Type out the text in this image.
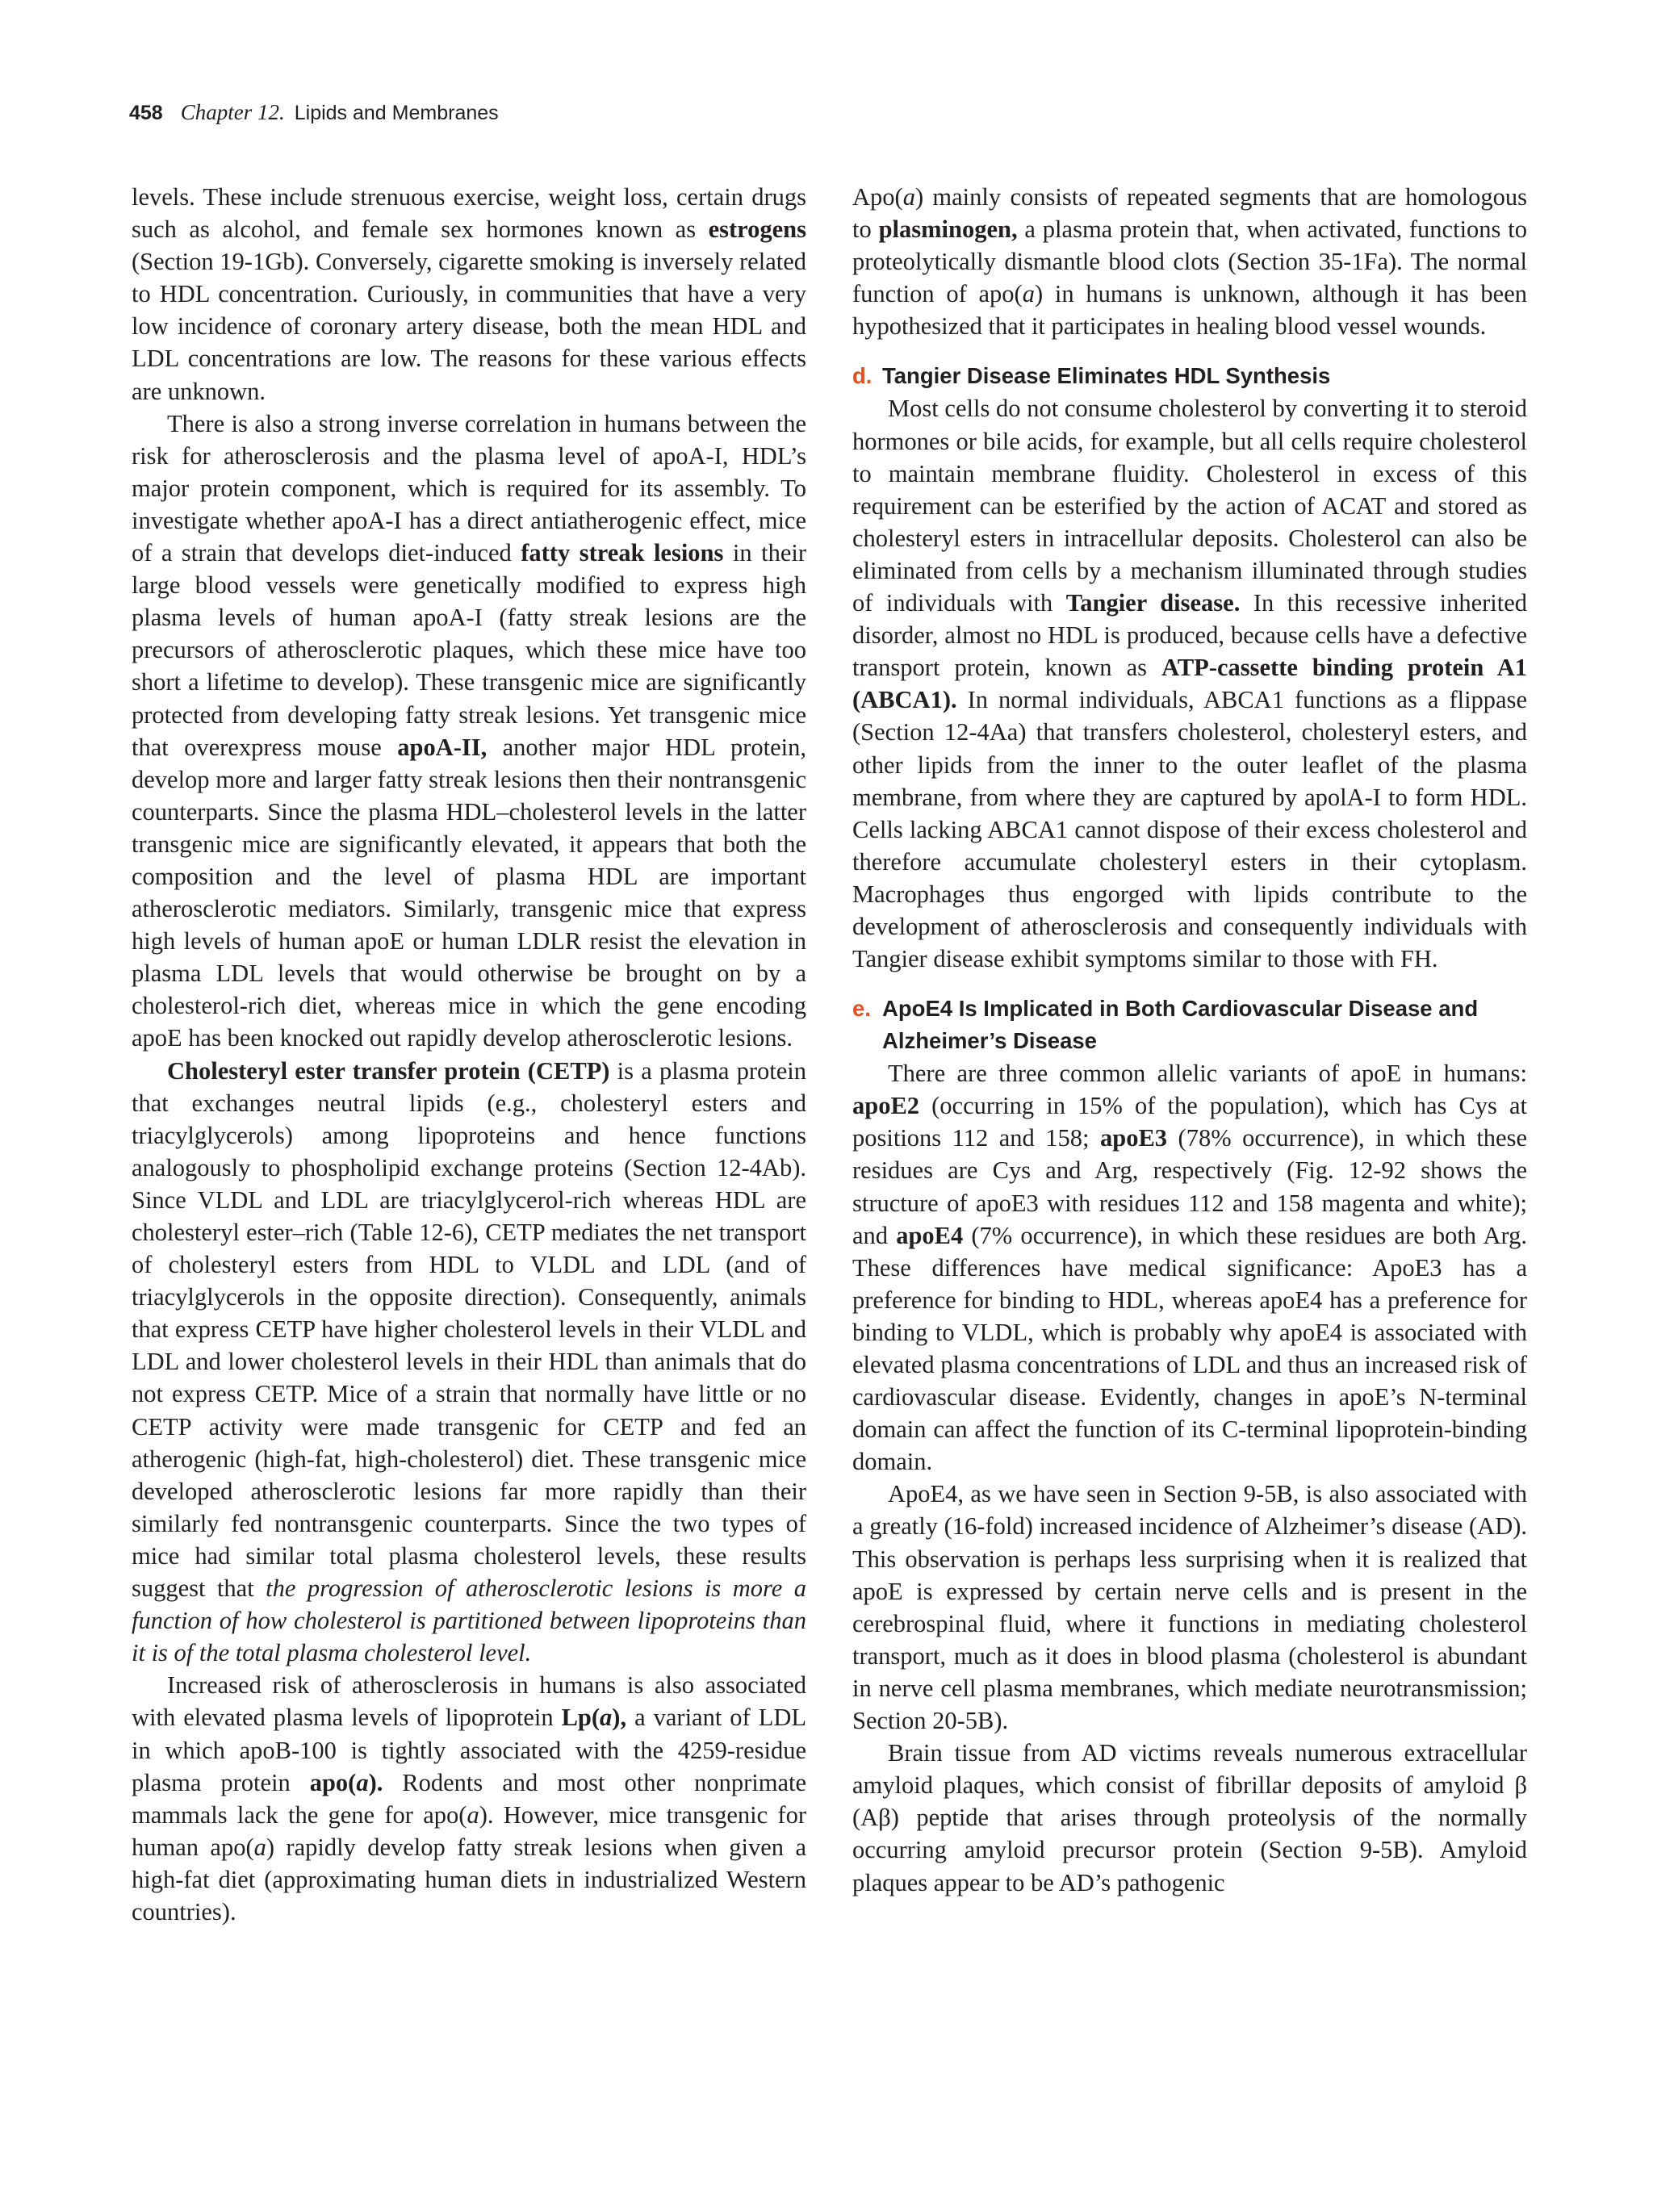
458 Chapter 12. Lipids and Membranes

levels. These include strenuous exercise, weight loss, certain drugs such as alcohol, and female sex hormones known as estrogens (Section 19-1Gb). Conversely, cigarette smoking is inversely related to HDL concentration. Curiously, in communities that have a very low incidence of coronary artery disease, both the mean HDL and LDL concentrations are low. The reasons for these various effects are unknown.

There is also a strong inverse correlation in humans between the risk for atherosclerosis and the plasma level of apoA-I, HDL’s major protein component, which is required for its assembly. To investigate whether apoA-I has a direct antiatherogenic effect, mice of a strain that develops diet-induced fatty streak lesions in their large blood vessels were genetically modified to express high plasma levels of human apoA-I (fatty streak lesions are the precursors of atherosclerotic plaques, which these mice have too short a lifetime to develop). These transgenic mice are significantly protected from developing fatty streak lesions. Yet transgenic mice that overexpress mouse apoA-II, another major HDL protein, develop more and larger fatty streak lesions then their nontransgenic counterparts. Since the plasma HDL–cholesterol levels in the latter transgenic mice are significantly elevated, it appears that both the composition and the level of plasma HDL are important atherosclerotic mediators. Similarly, transgenic mice that express high levels of human apoE or human LDLR resist the elevation in plasma LDL levels that would otherwise be brought on by a cholesterol-rich diet, whereas mice in which the gene encoding apoE has been knocked out rapidly develop atherosclerotic lesions.

Cholesteryl ester transfer protein (CETP) is a plasma protein that exchanges neutral lipids (e.g., cholesteryl esters and triacylglycerols) among lipoproteins and hence functions analogously to phospholipid exchange proteins (Section 12-4Ab). Since VLDL and LDL are triacylglycerol-rich whereas HDL are cholesteryl ester–rich (Table 12-6), CETP mediates the net transport of cholesteryl esters from HDL to VLDL and LDL (and of triacylglycerols in the opposite direction). Consequently, animals that express CETP have higher cholesterol levels in their VLDL and LDL and lower cholesterol levels in their HDL than animals that do not express CETP. Mice of a strain that normally have little or no CETP activity were made transgenic for CETP and fed an atherogenic (high-fat, high-cholesterol) diet. These transgenic mice developed atherosclerotic lesions far more rapidly than their similarly fed nontransgenic counterparts. Since the two types of mice had similar total plasma cholesterol levels, these results suggest that the progression of atherosclerotic lesions is more a function of how cholesterol is partitioned between lipoproteins than it is of the total plasma cholesterol level.

Increased risk of atherosclerosis in humans is also associated with elevated plasma levels of lipoprotein Lp(a), a variant of LDL in which apoB-100 is tightly associated with the 4259-residue plasma protein apo(a). Rodents and most other nonprimate mammals lack the gene for apo(a). However, mice transgenic for human apo(a) rapidly develop fatty streak lesions when given a high-fat diet (approximating human diets in industrialized Western countries).

Apo(a) mainly consists of repeated segments that are homologous to plasminogen, a plasma protein that, when activated, functions to proteolytically dismantle blood clots (Section 35-1Fa). The normal function of apo(a) in humans is unknown, although it has been hypothesized that it participates in healing blood vessel wounds.

d. Tangier Disease Eliminates HDL Synthesis

Most cells do not consume cholesterol by converting it to steroid hormones or bile acids, for example, but all cells require cholesterol to maintain membrane fluidity. Cholesterol in excess of this requirement can be esterified by the action of ACAT and stored as cholesteryl esters in intracellular deposits. Cholesterol can also be eliminated from cells by a mechanism illuminated through studies of individuals with Tangier disease. In this recessive inherited disorder, almost no HDL is produced, because cells have a defective transport protein, known as ATP-cassette binding protein A1 (ABCA1). In normal individuals, ABCA1 functions as a flippase (Section 12-4Aa) that transfers cholesterol, cholesteryl esters, and other lipids from the inner to the outer leaflet of the plasma membrane, from where they are captured by apolA-I to form HDL. Cells lacking ABCA1 cannot dispose of their excess cholesterol and therefore accumulate cholesteryl esters in their cytoplasm. Macrophages thus engorged with lipids contribute to the development of atherosclerosis and consequently individuals with Tangier disease exhibit symptoms similar to those with FH.

e. ApoE4 Is Implicated in Both Cardiovascular Disease and Alzheimer’s Disease

There are three common allelic variants of apoE in humans: apoE2 (occurring in 15% of the population), which has Cys at positions 112 and 158; apoE3 (78% occurrence), in which these residues are Cys and Arg, respectively (Fig. 12-92 shows the structure of apoE3 with residues 112 and 158 magenta and white); and apoE4 (7% occurrence), in which these residues are both Arg. These differences have medical significance: ApoE3 has a preference for binding to HDL, whereas apoE4 has a preference for binding to VLDL, which is probably why apoE4 is associated with elevated plasma concentrations of LDL and thus an increased risk of cardiovascular disease. Evidently, changes in apoE’s N-terminal domain can affect the function of its C-terminal lipoprotein-binding domain.

ApoE4, as we have seen in Section 9-5B, is also associated with a greatly (16-fold) increased incidence of Alzheimer’s disease (AD). This observation is perhaps less surprising when it is realized that apoE is expressed by certain nerve cells and is present in the cerebrospinal fluid, where it functions in mediating cholesterol transport, much as it does in blood plasma (cholesterol is abundant in nerve cell plasma membranes, which mediate neurotransmission; Section 20-5B).

Brain tissue from AD victims reveals numerous extracellular amyloid plaques, which consist of fibrillar deposits of amyloid β (Aβ) peptide that arises through proteolysis of the normally occurring amyloid precursor protein (Section 9-5B). Amyloid plaques appear to be AD’s pathogenic
